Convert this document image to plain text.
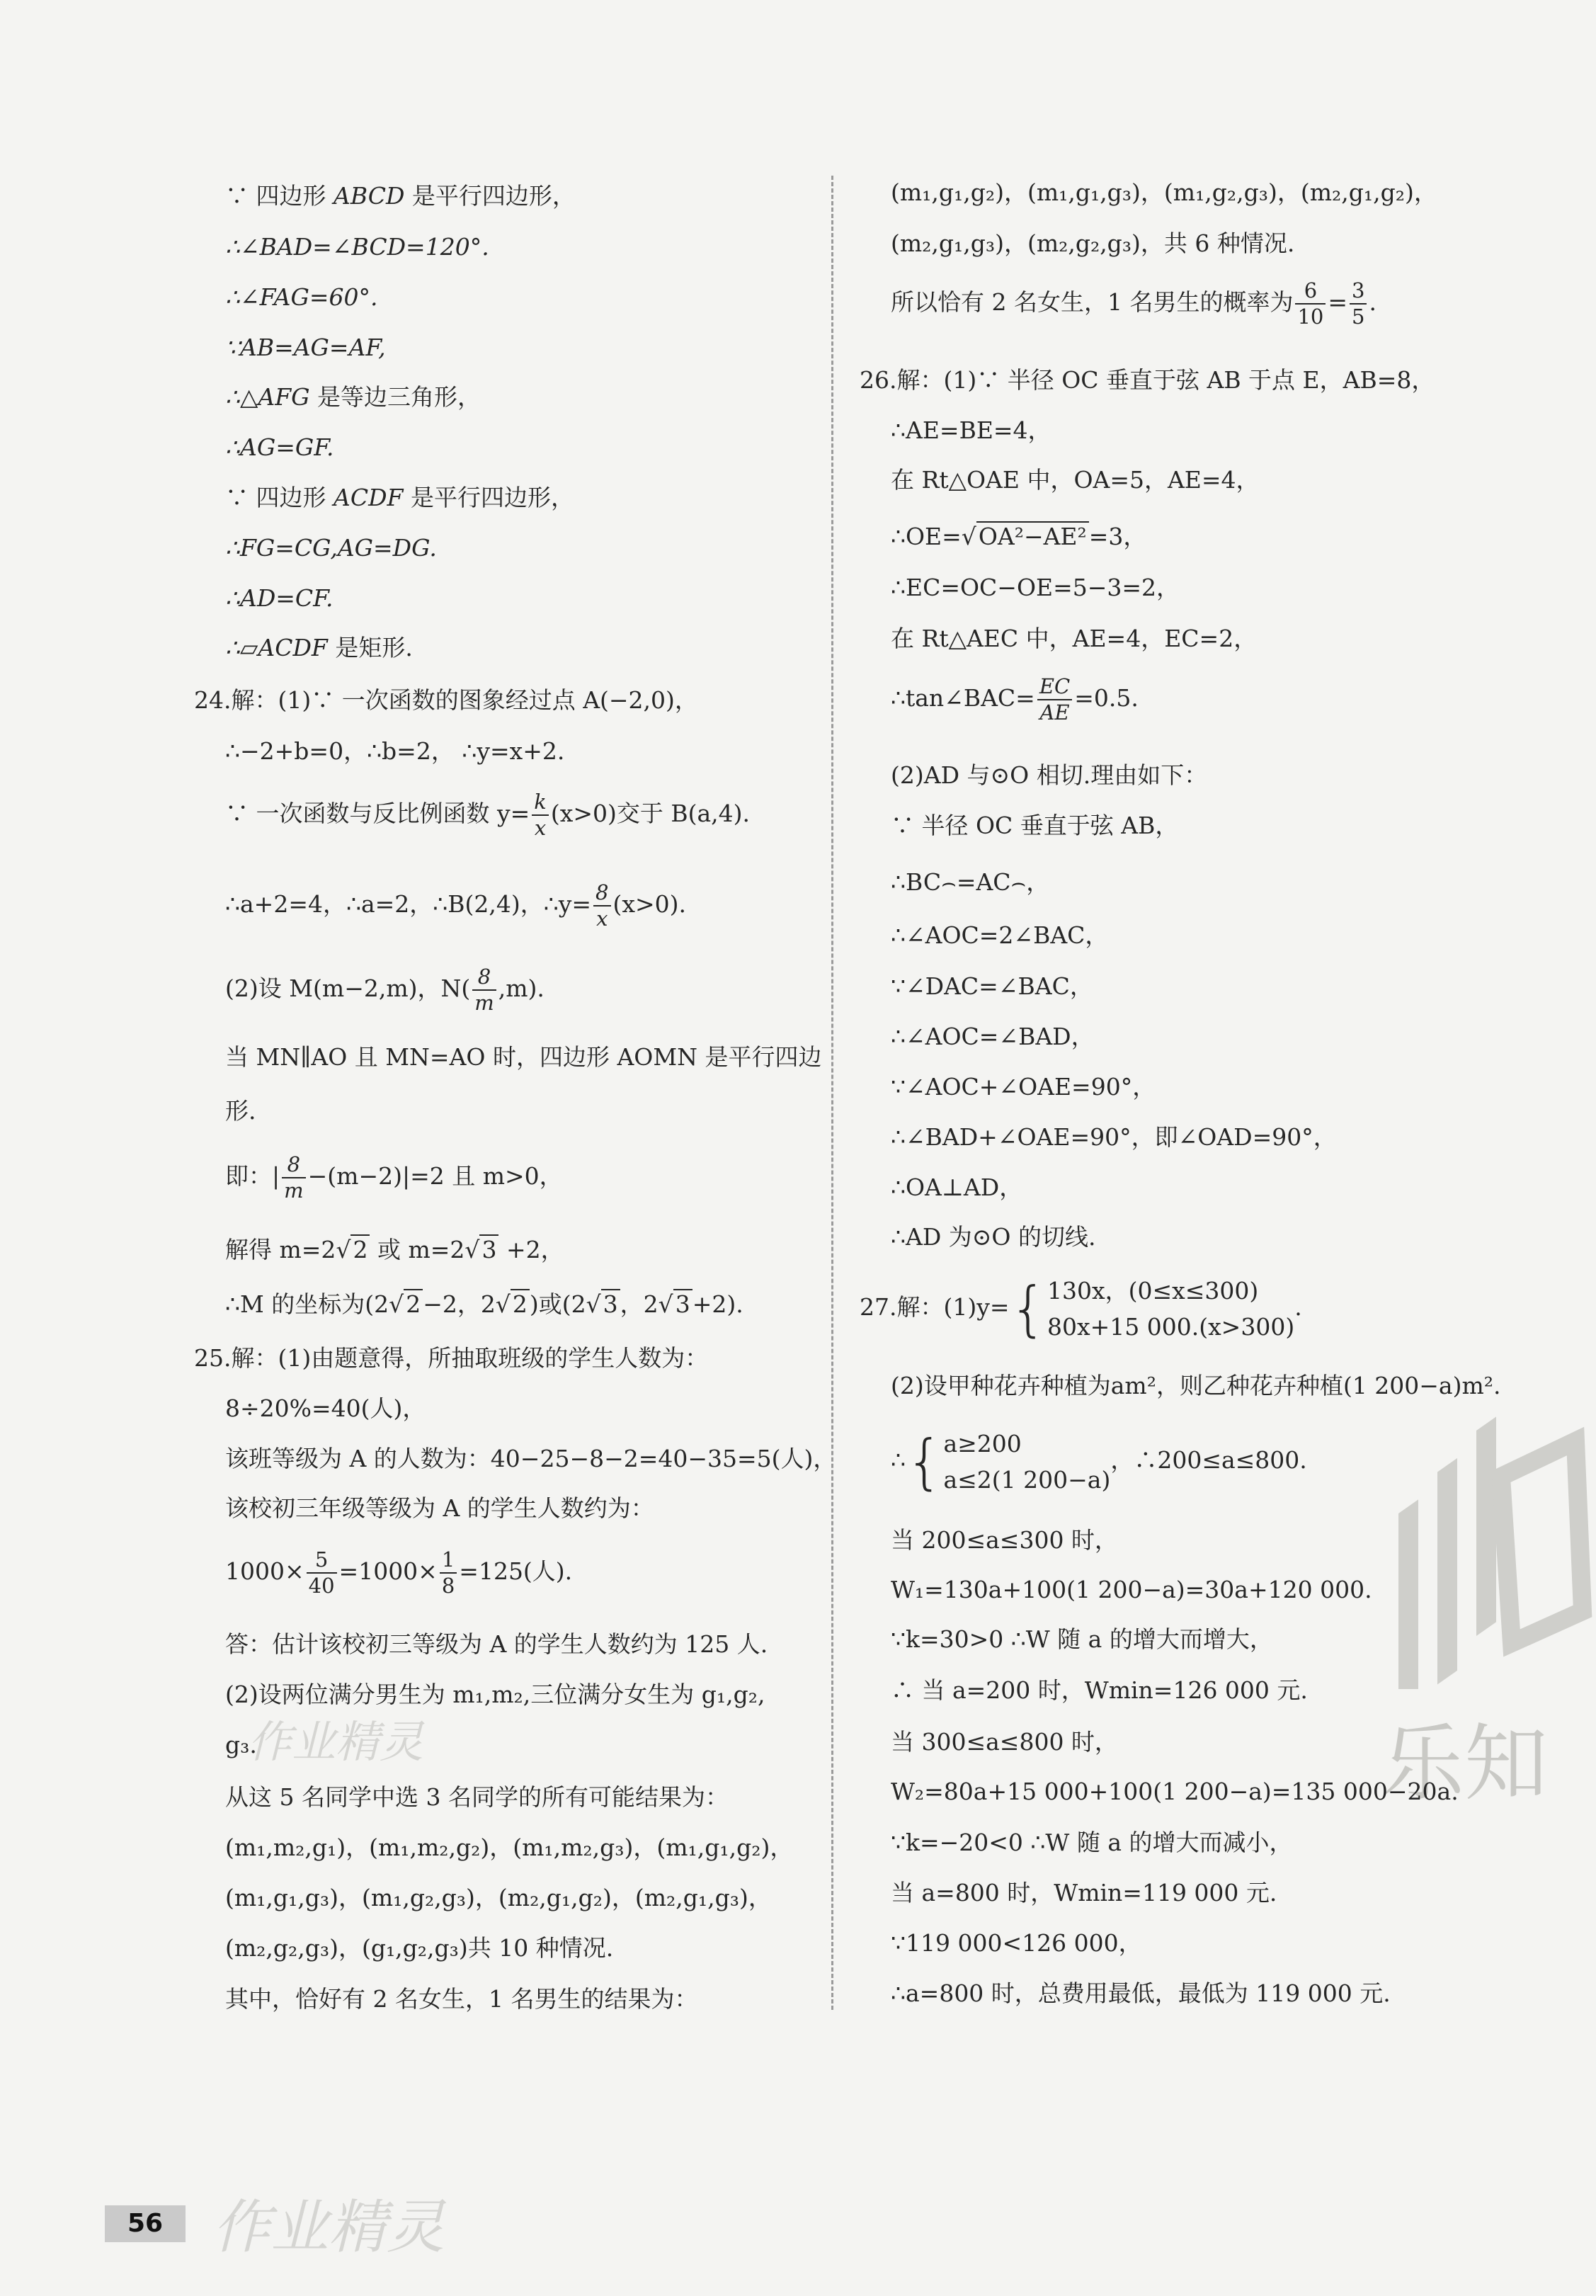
作业精灵
作业精灵
乐知
∵ 四边形 ABCD 是平行四边形，
∴∠BAD=∠BCD=120°.
∴∠FAG=60°.
∵AB=AG=AF,
∴△AFG 是等边三角形，
∴AG=GF.
∵ 四边形 ACDF 是平行四边形，
∴FG=CG,AG=DG.
∴AD=CF.
∴▱ACDF 是矩形.
24.解：(1)∵ 一次函数的图象经过点 A(−2,0)，
∴−2+b=0，∴b=2， ∴y=x+2.
∵ 一次函数与反比例函数 $y= \frac{k}{x} (x>0)$交于 B(a,4).
∴a+2=4，∴a=2，∴B(2,4)，∴y= $\frac{8}{x} (x>0)$.
(2)设 M(m−2,m)，$N( \frac{8}{m} ,m)$.
当 MN∥AO 且 MN=AO 时，四边形 AOMN 是平行四边
形.
即：| $\frac{8}{m} -(m-2)|=2$ 且 m>0，
解得 m=2√2 或 m=2√3 +2，
∴M 的坐标为(2√2−2，2√2)或(2√3，2√3+2).
25.解：(1)由题意得，所抽取班级的学生人数为：
8÷20%=40(人)，
该班等级为 A 的人数为：40−25−8−2=40−35=5(人)，
该校初三年级等级为 A 的学生人数约为：
$1000\times \frac{5}{40} =1000\times \frac{1}{8} =125$(人).
答：估计该校初三等级为 A 的学生人数约为 125 人.
(2)设两位满分男生为 m₁,m₂,三位满分女生为 g₁,g₂,
g₃.
从这 5 名同学中选 3 名同学的所有可能结果为：
(m₁,m₂,g₁)，(m₁,m₂,g₂)，(m₁,m₂,g₃)，(m₁,g₁,g₂)，
(m₁,g₁,g₃)，(m₁,g₂,g₃)，(m₂,g₁,g₂)，(m₂,g₁,g₃)，
(m₂,g₂,g₃)，(g₁,g₂,g₃)共 10 种情况.
其中，恰好有 2 名女生，1 名男生的结果为：
(m₁,g₁,g₂)，(m₁,g₁,g₃)，(m₁,g₂,g₃)，(m₂,g₁,g₂)，
(m₂,g₁,g₃)，(m₂,g₂,g₃)，共 6 种情况.
所以恰有 2 名女生，1 名男生的概率为 $\frac{6}{10} = \frac{3}{5}$ .
26.解：(1)∵ 半径 OC 垂直于弦 AB 于点 E，AB=8，
∴AE=BE=4，
在 Rt△OAE 中，OA=5，AE=4，
∴OE=√OA²−AE²=3，
∴EC=OC−OE=5−3=2，
在 Rt△AEC 中，AE=4，EC=2，
∴tan∠BAC= $\frac{EC}{AE} =0.5$.
(2)AD 与⊙O 相切.理由如下：
∵ 半径 OC 垂直于弦 AB，
∴BC⌢=AC⌢，
∴∠AOC=2∠BAC，
∵∠DAC=∠BAC，
∴∠AOC=∠BAD，
∵∠AOC+∠OAE=90°，
∴∠BAD+∠OAE=90°，即∠OAD=90°，
∴OA⊥AD，
∴AD 为⊙O 的切线.
27.解：(1)y={ 130x，(0≤x≤300)
80x+15 000.(x>300)
.
(2)设甲种花卉种植为am²，则乙种花卉种植(1 200−a)m².
∴{ a≥200
a≤2(1 200−a)
，∴200≤a≤800.
当 200≤a≤300 时，
W₁=130a+100(1 200−a)=30a+120 000.
∵k=30>0 ∴W 随 a 的增大而增大，
∴ 当 a=200 时，Wmin=126 000 元.
当 300≤a≤800 时，
W₂=80a+15 000+100(1 200−a)=135 000−20a.
∵k=−20<0 ∴W 随 a 的增大而减小，
当 a=800 时，Wmin=119 000 元.
∵119 000<126 000，
∴a=800 时，总费用最低，最低为 119 000 元.
56
